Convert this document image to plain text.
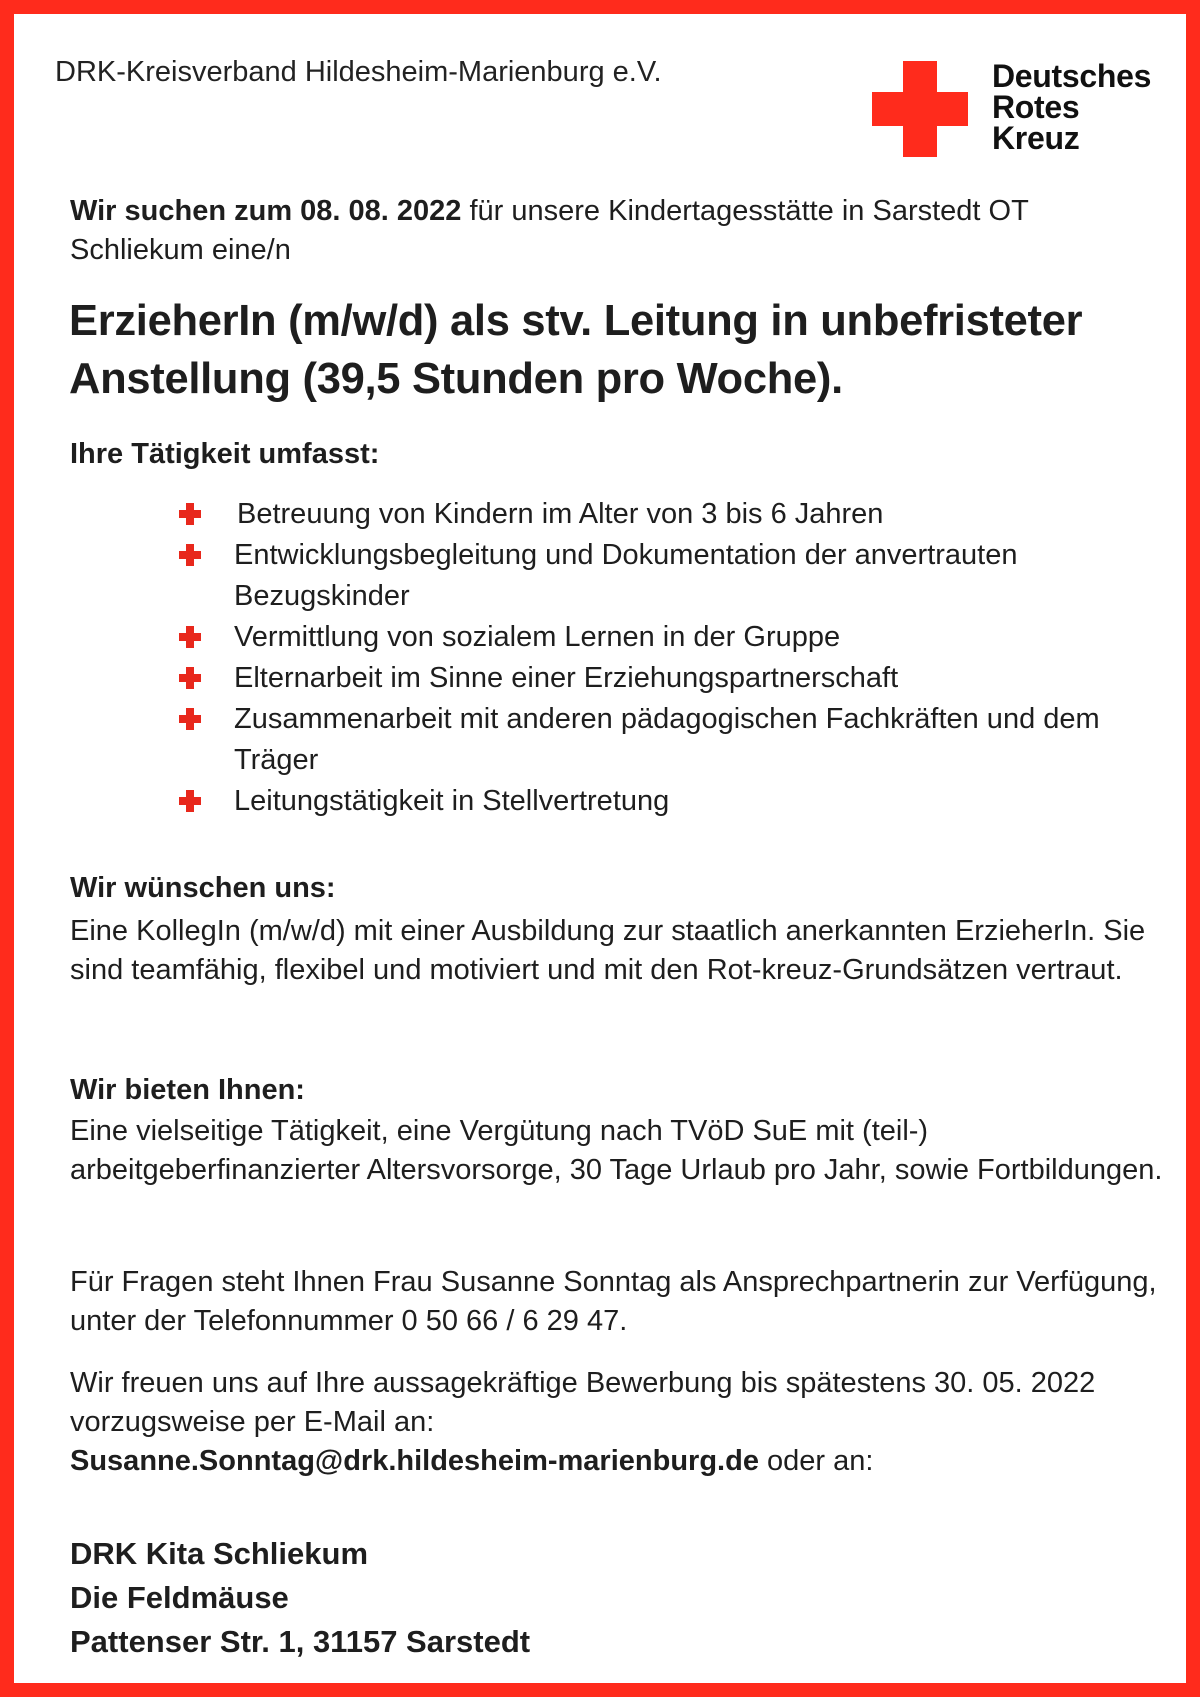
DRK-Kreisverband Hildesheim-Marienburg e.V.	Deutsches
Rotes
Kreuz
Wir suchen zum 08. 08. 2022 für unsere Kindertagesstätte in Sarstedt OT Schliekum eine/n
ErzieherIn (m/w/d) als stv. Leitung in unbefristeter Anstellung (39,5 Stunden pro Woche).
Ihre Tätigkeit umfasst:
Betreuung von Kindern im Alter von 3 bis 6 Jahren
Entwicklungsbegleitung und Dokumentation der anvertrauten Bezugskinder
Vermittlung von sozialem Lernen in der Gruppe
Elternarbeit im Sinne einer Erziehungspartnerschaft
Zusammenarbeit mit anderen pädagogischen Fachkräften und dem Träger
Leitungstätigkeit in Stellvertretung
Wir wünschen uns:
Eine KollegIn (m/w/d) mit einer Ausbildung zur staatlich anerkannten ErzieherIn. Sie sind teamfähig, flexibel und motiviert und mit den Rot-kreuz-Grundsätzen vertraut.
Wir bieten Ihnen:
Eine vielseitige Tätigkeit, eine Vergütung nach TVöD SuE mit (teil-) arbeitgeberfinanzierter Altersvorsorge, 30 Tage Urlaub pro Jahr, sowie Fortbildungen.
Für Fragen steht Ihnen Frau Susanne Sonntag als Ansprechpartnerin zur Verfügung, unter der Telefonnummer 0 50 66 / 6 29 47.
Wir freuen uns auf Ihre aussagekräftige Bewerbung bis spätestens 30. 05. 2022 vorzugsweise per E-Mail an:
Susanne.Sonntag@drk.hildesheim-marienburg.de oder an:
DRK Kita Schliekum
Die Feldmäuse
Pattenser Str. 1, 31157 Sarstedt
